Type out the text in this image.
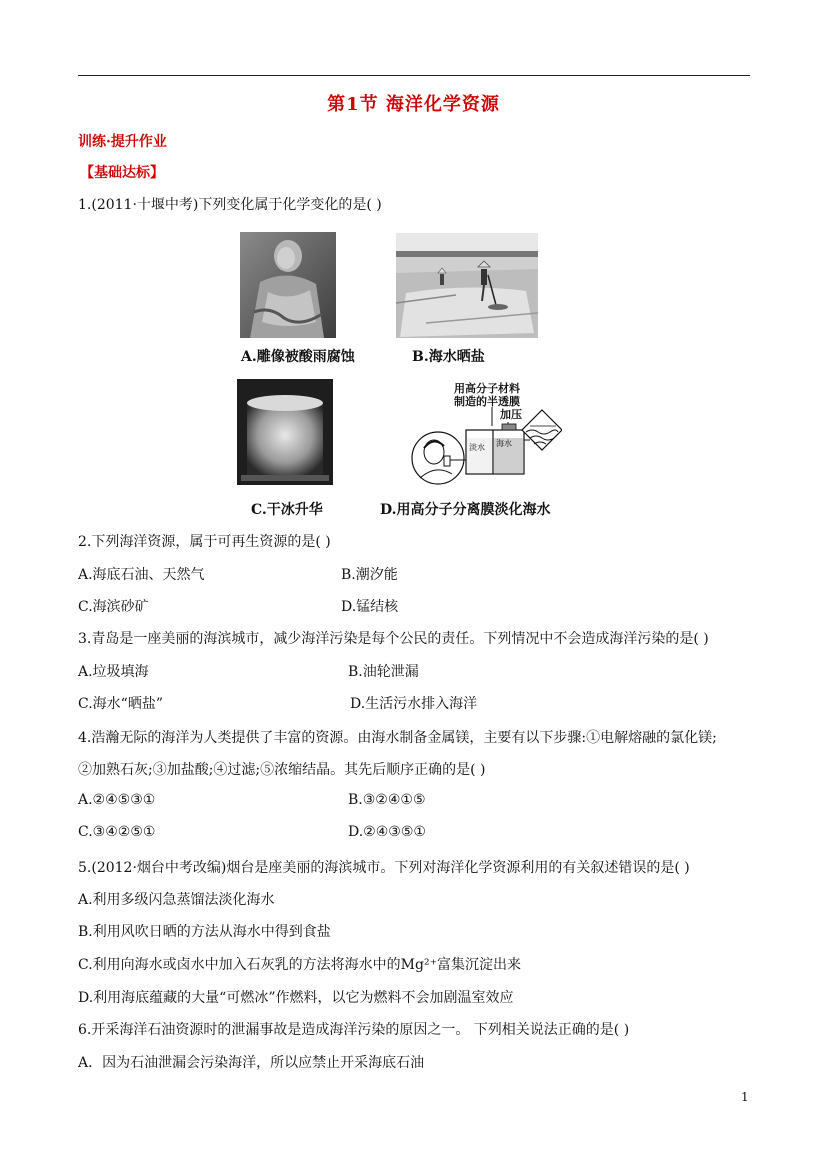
第1节 海洋化学资源
训练·提升作业
【基础达标】
1.(2011·十堰中考)下列变化属于化学变化的是( )
A.雕像被酸雨腐蚀	B.海水晒盐
C.干冰升华
用高分子材料
制造的半透膜
加压
淡水 海水
D.用高分子分离膜淡化海水
2.下列海洋资源，属于可再生资源的是( )
A.海底石油、天然气	B.潮汐能
C.海滨砂矿	D.锰结核
3.青岛是一座美丽的海滨城市，减少海洋污染是每个公民的责任。下列情况中不会造成海洋污染的是( )
A.垃圾填海	B.油轮泄漏
C.海水“晒盐”	D.生活污水排入海洋
4.浩瀚无际的海洋为人类提供了丰富的资源。由海水制备金属镁，主要有以下步骤:①电解熔融的氯化镁;
②加熟石灰;③加盐酸;④过滤;⑤浓缩结晶。其先后顺序正确的是( )
A.②④⑤③①	B.③②④①⑤
C.③④②⑤①	D.②④③⑤①
5.(2012·烟台中考改编)烟台是座美丽的海滨城市。下列对海洋化学资源利用的有关叙述错误的是( )
A.利用多级闪急蒸馏法淡化海水
B.利用风吹日晒的方法从海水中得到食盐
C.利用向海水或卤水中加入石灰乳的方法将海水中的Mg²⁺富集沉淀出来
D.利用海底蕴藏的大量“可燃冰”作燃料，以它为燃料不会加剧温室效应
6.开采海洋石油资源时的泄漏事故是造成海洋污染的原因之一。 下列相关说法正确的是( )
A．因为石油泄漏会污染海洋，所以应禁止开采海底石油
1
